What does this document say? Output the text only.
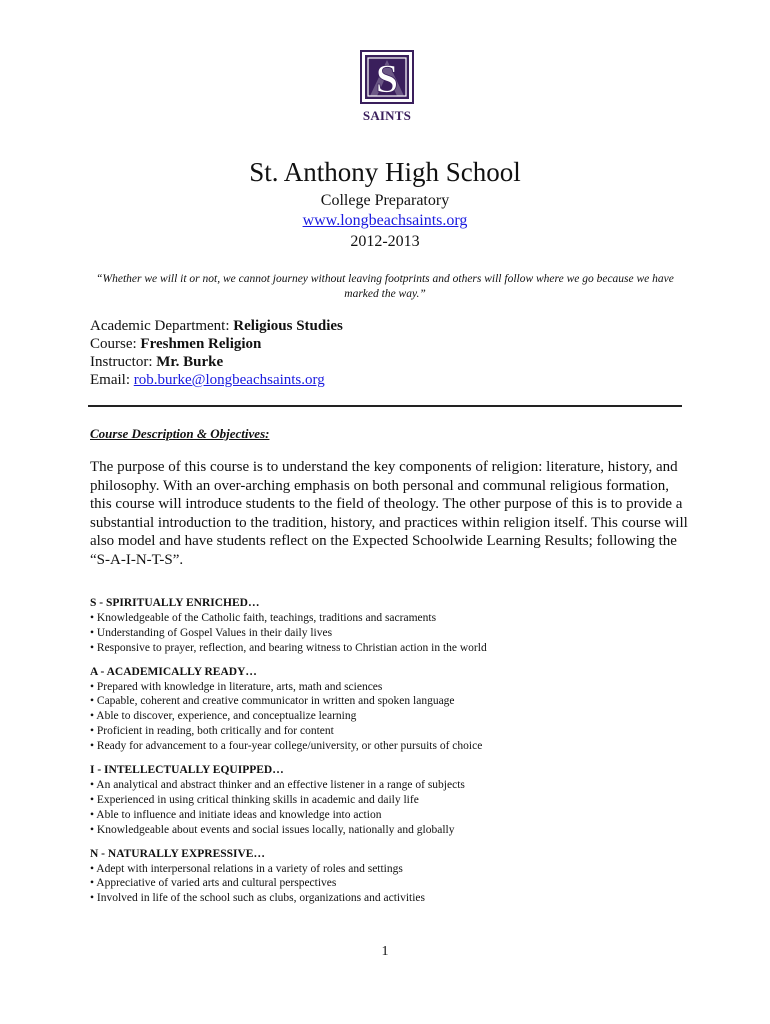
S
SAINTS
St. Anthony High School
College Preparatory
www.longbeachsaints.org
2012-2013
“Whether we will it or not, we cannot journey without leaving footprints and others will follow where we go because we have marked the way.”
Academic Department: Religious Studies
Course: Freshmen Religion
Instructor: Mr. Burke
Email: rob.burke@longbeachsaints.org
Course Description & Objectives:
The purpose of this course is to understand the key components of religion: literature, history, and philosophy. With an over-arching emphasis on both personal and communal religious formation, this course will introduce students to the field of theology. The other purpose of this is to provide a substantial introduction to the tradition, history, and practices within religion itself. This course will also model and have students reflect on the Expected Schoolwide Learning Results; following the “S-A-I-N-T-S”.
S - SPIRITUALLY ENRICHED…
• Knowledgeable of the Catholic faith, teachings, traditions and sacraments
• Understanding of Gospel Values in their daily lives
• Responsive to prayer, reflection, and bearing witness to Christian action in the world
A - ACADEMICALLY READY…
• Prepared with knowledge in literature, arts, math and sciences
• Capable, coherent and creative communicator in written and spoken language
• Able to discover, experience, and conceptualize learning
• Proficient in reading, both critically and for content
• Ready for advancement to a four-year college/university, or other pursuits of choice
I - INTELLECTUALLY EQUIPPED…
• An analytical and abstract thinker and an effective listener in a range of subjects
• Experienced in using critical thinking skills in academic and daily life
• Able to influence and initiate ideas and knowledge into action
• Knowledgeable about events and social issues locally, nationally and globally
N - NATURALLY EXPRESSIVE…
• Adept with interpersonal relations in a variety of roles and settings
• Appreciative of varied arts and cultural perspectives
• Involved in life of the school such as clubs, organizations and activities
1
